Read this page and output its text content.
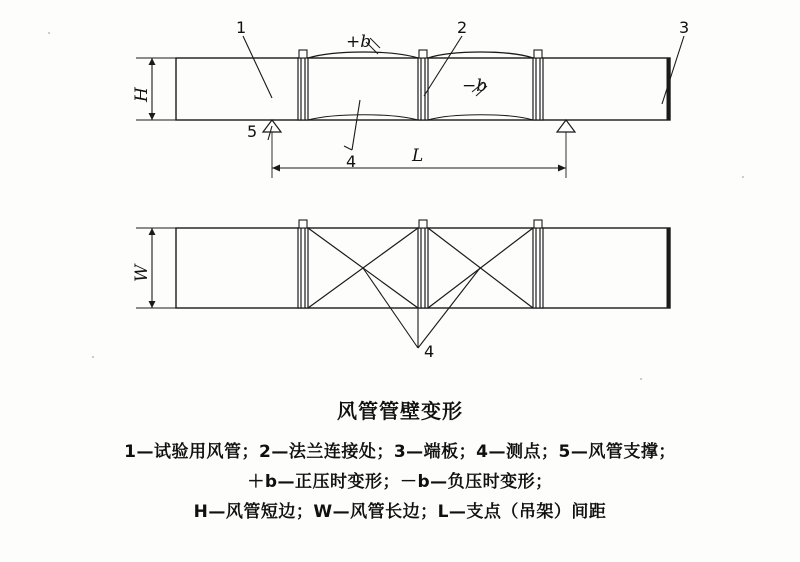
1	2	3
4
5
4
+b
−b
H
W
L
风管管壁变形
1—试验用风管；2—法兰连接处；3—端板；4—测点；5—风管支撑；
＋b—正压时变形；－b—负压时变形；
H—风管短边；W—风管长边；L—支点（吊架）间距
